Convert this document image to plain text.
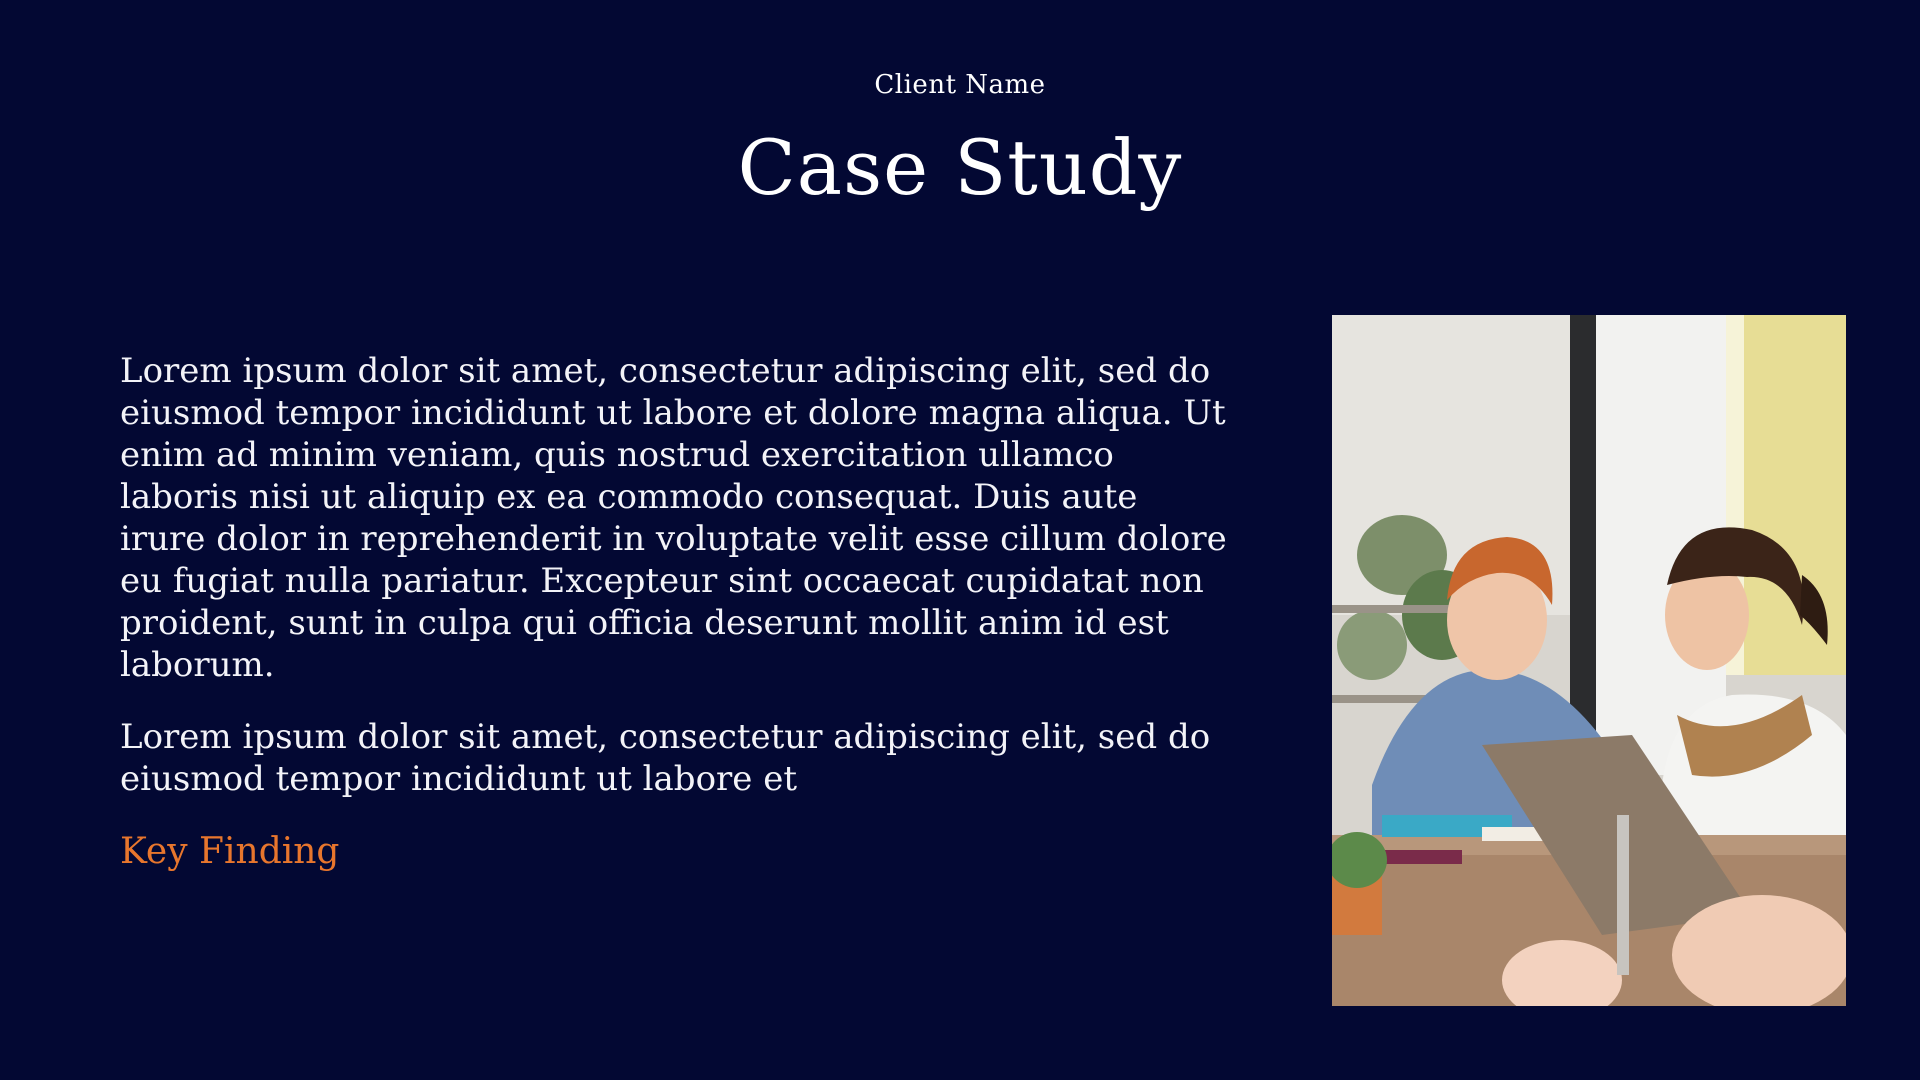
Client Name
Case Study

Lorem ipsum dolor sit amet, consectetur adipiscing elit, sed do eiusmod tempor incididunt ut labore et dolore magna aliqua. Ut enim ad minim veniam, quis nostrud exercitation ullamco laboris nisi ut aliquip ex ea commodo consequat. Duis aute irure dolor in reprehenderit in voluptate velit esse cillum dolore eu fugiat nulla pariatur. Excepteur sint occaecat cupidatat non proident, sunt in culpa qui officia deserunt mollit anim id est laborum.

Lorem ipsum dolor sit amet, consectetur adipiscing elit, sed do eiusmod tempor incididunt ut labore et

Key Finding
